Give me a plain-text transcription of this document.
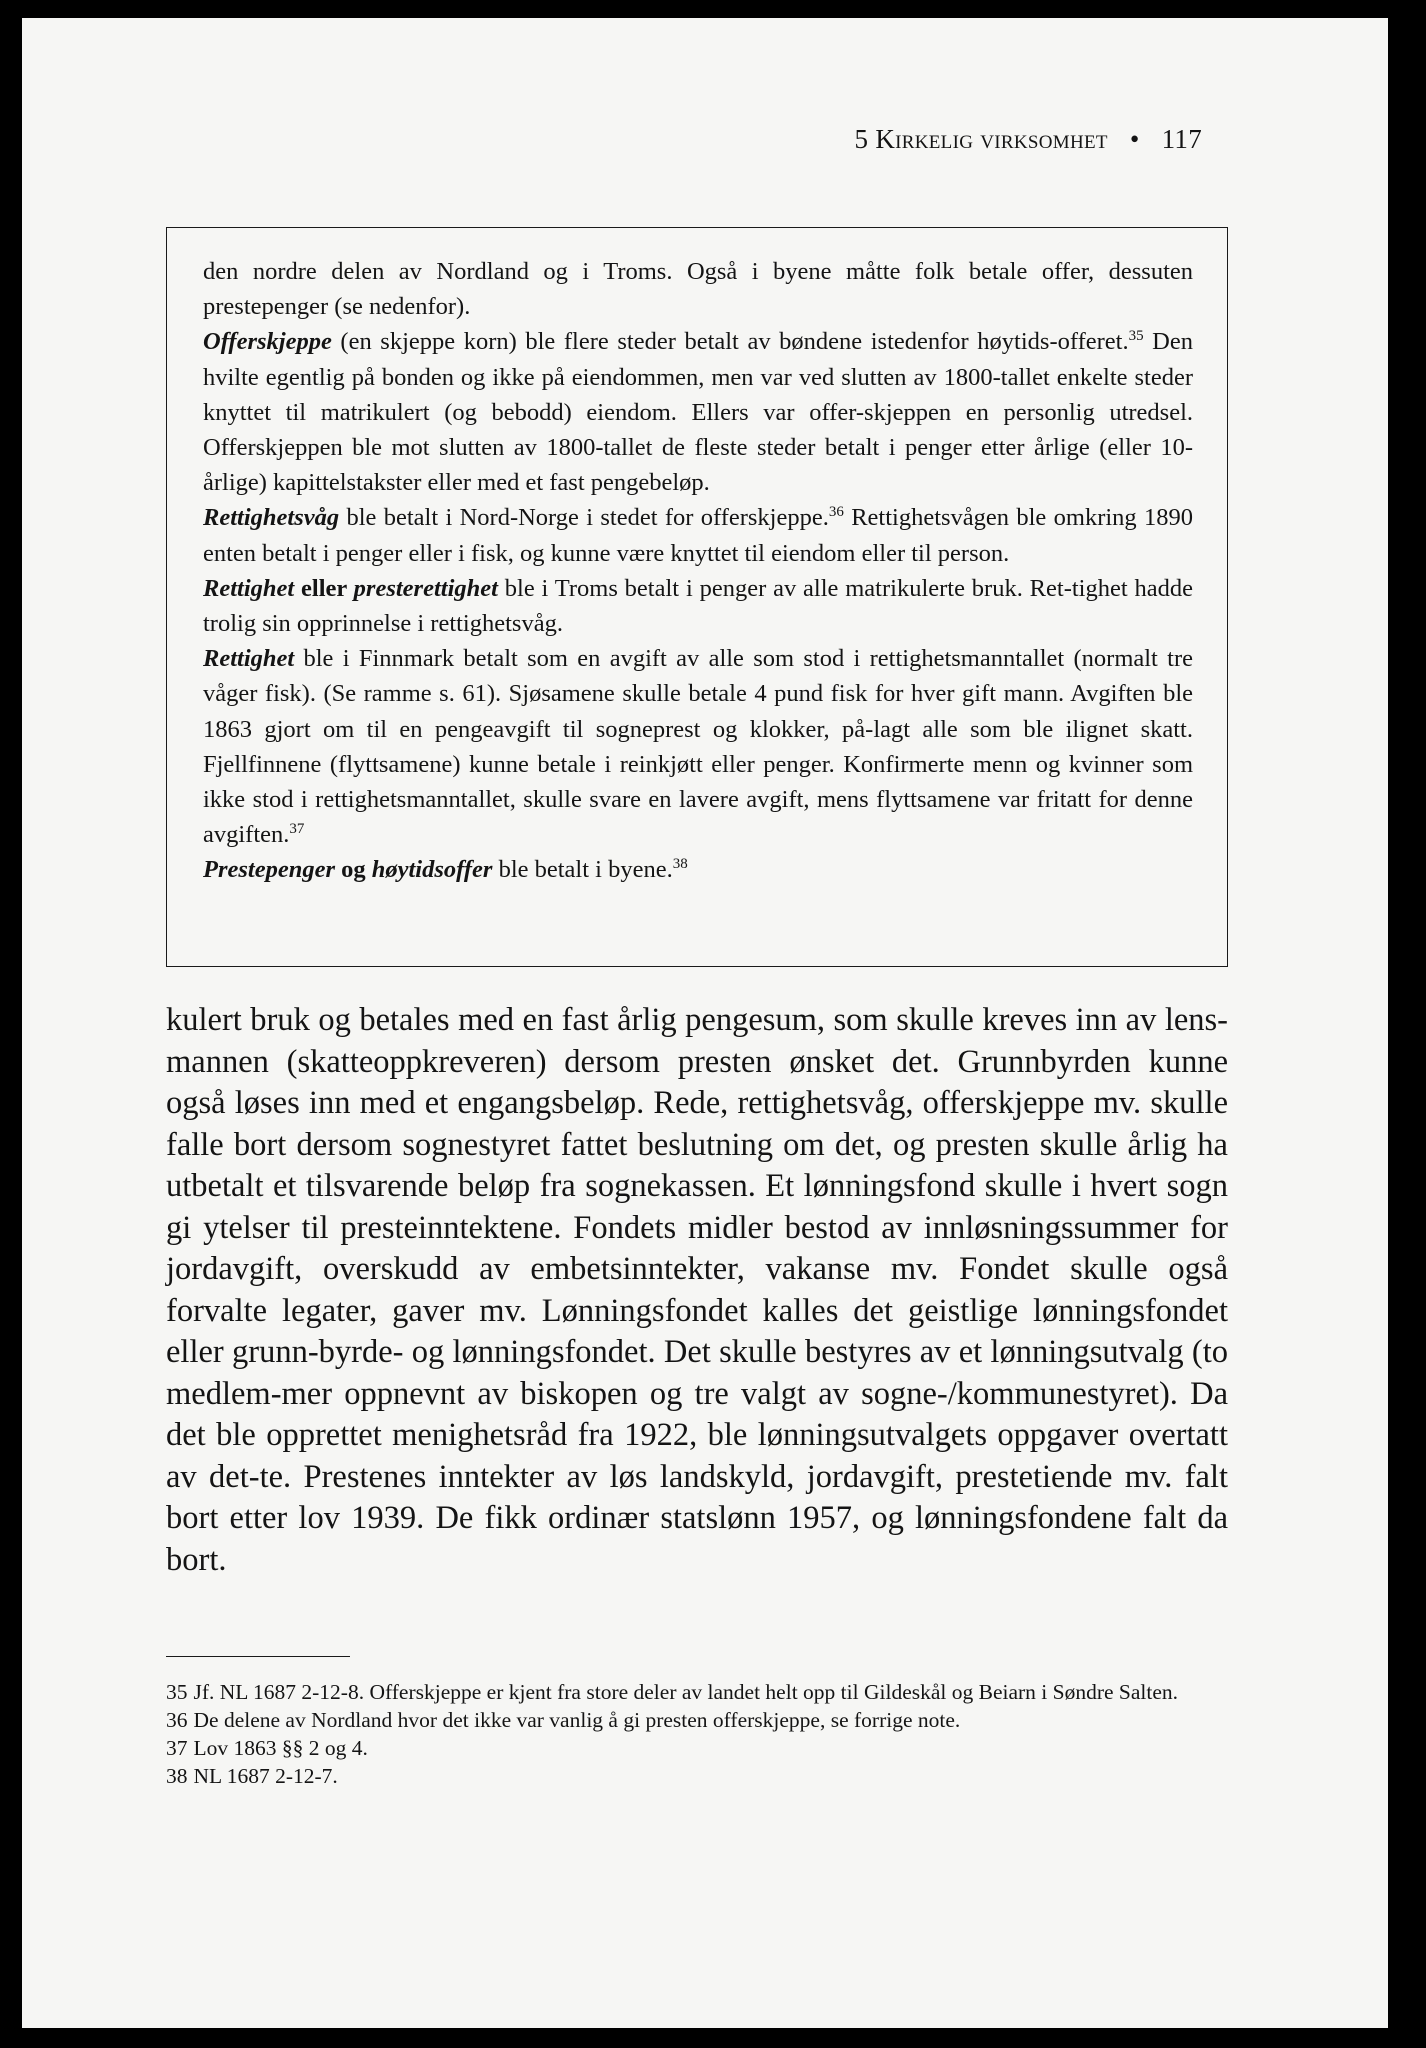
5 Kirkelig virksomhet • 117

den nordre delen av Nordland og i Troms. Også i byene måtte folk betale offer, dessuten prestepenger (se nedenfor).

Offerskjeppe (en skjeppe korn) ble flere steder betalt av bøndene istedenfor høytids-offeret.$^{35}$ Den hvilte egentlig på bonden og ikke på eiendommen, men var ved slutten av 1800-tallet enkelte steder knyttet til matrikulert (og bebodd) eiendom. Ellers var offer-skjeppen en personlig utredsel. Offerskjeppen ble mot slutten av 1800-tallet de fleste steder betalt i penger etter årlige (eller 10-årlige) kapittelstakster eller med et fast pengebeløp.

Rettighetsvåg ble betalt i Nord-Norge i stedet for offerskjeppe.$^{36}$ Rettighetsvågen ble omkring 1890 enten betalt i penger eller i fisk, og kunne være knyttet til eiendom eller til person.

Rettighet eller presterettighet ble i Troms betalt i penger av alle matrikulerte bruk. Ret-tighet hadde trolig sin opprinnelse i rettighetsvåg.

Rettighet ble i Finnmark betalt som en avgift av alle som stod i rettighetsmanntallet (normalt tre våger fisk). (Se ramme s. 61). Sjøsamene skulle betale 4 pund fisk for hver gift mann. Avgiften ble 1863 gjort om til en pengeavgift til sogneprest og klokker, på-lagt alle som ble ilignet skatt. Fjellfinnene (flyttsamene) kunne betale i reinkjøtt eller penger. Konfirmerte menn og kvinner som ikke stod i rettighetsmanntallet, skulle svare en lavere avgift, mens flyttsamene var fritatt for denne avgiften.$^{37}$

Prestepenger og høytidsoffer ble betalt i byene.$^{38}$

kulert bruk og betales med en fast årlig pengesum, som skulle kreves inn av lens-mannen (skatteoppkreveren) dersom presten ønsket det. Grunnbyrden kunne også løses inn med et engangsbeløp. Rede, rettighetsvåg, offerskjeppe mv. skulle falle bort dersom sognestyret fattet beslutning om det, og presten skulle årlig ha utbetalt et tilsvarende beløp fra sognekassen. Et lønningsfond skulle i hvert sogn gi ytelser til presteinntektene. Fondets midler bestod av innløsningssummer for jordavgift, overskudd av embetsinntekter, vakanse mv. Fondet skulle også forvalte legater, gaver mv. Lønningsfondet kalles det geistlige lønningsfondet eller grunn-byrde- og lønningsfondet. Det skulle bestyres av et lønningsutvalg (to medlem-mer oppnevnt av biskopen og tre valgt av sogne-/kommunestyret). Da det ble opprettet menighetsråd fra 1922, ble lønningsutvalgets oppgaver overtatt av det-te. Prestenes inntekter av løs landskyld, jordavgift, prestetiende mv. falt bort etter lov 1939. De fikk ordinær statslønn 1957, og lønningsfondene falt da bort.

35 Jf. NL 1687 2-12-8. Offerskjeppe er kjent fra store deler av landet helt opp til Gildeskål og Beiarn i Søndre Salten.

36 De delene av Nordland hvor det ikke var vanlig å gi presten offerskjeppe, se forrige note.

37 Lov 1863 §§ 2 og 4.

38 NL 1687 2-12-7.
